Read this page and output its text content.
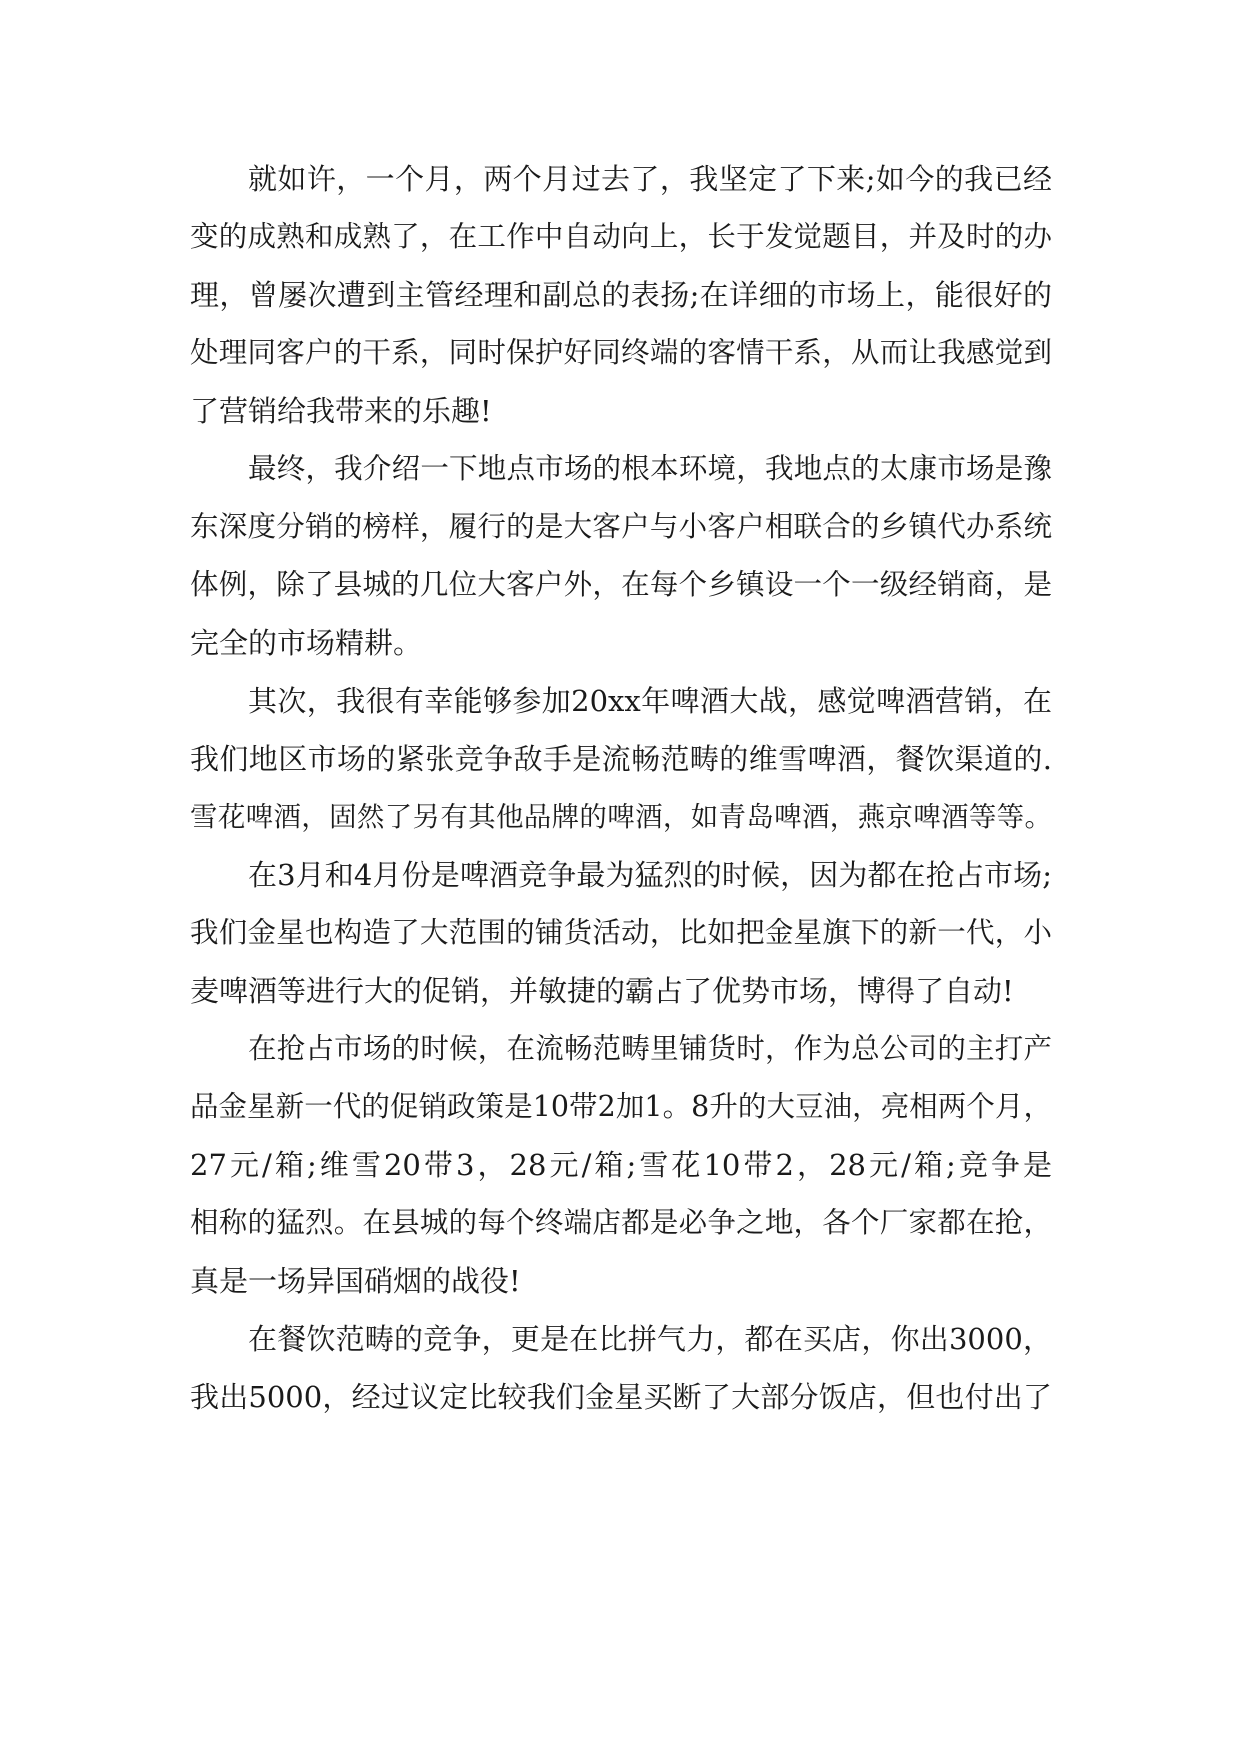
就如许，一个月，两个月过去了，我坚定了下来;如今的我已经
变的成熟和成熟了，在工作中自动向上，长于发觉题目，并及时的办
理，曾屡次遭到主管经理和副总的表扬;在详细的市场上，能很好的
处理同客户的干系，同时保护好同终端的客情干系，从而让我感觉到
了营销给我带来的乐趣!
最终，我介绍一下地点市场的根本环境，我地点的太康市场是豫
东深度分销的榜样，履行的是大客户与小客户相联合的乡镇代办系统
体例，除了县城的几位大客户外，在每个乡镇设一个一级经销商，是
完全的市场精耕。
其次，我很有幸能够参加20xx年啤酒大战，感觉啤酒营销，在
我们地区市场的紧张竞争敌手是流畅范畴的维雪啤酒，餐饮渠道的.
雪花啤酒，固然了另有其他品牌的啤酒，如青岛啤酒，燕京啤酒等等。
在3月和4月份是啤酒竞争最为猛烈的时候，因为都在抢占市场;
我们金星也构造了大范围的铺货活动，比如把金星旗下的新一代，小
麦啤酒等进行大的促销，并敏捷的霸占了优势市场，博得了自动!
在抢占市场的时候，在流畅范畴里铺货时，作为总公司的主打产
品金星新一代的促销政策是10带2加1。8升的大豆油，亮相两个月，
27元/箱;维雪20带3，28元/箱;雪花10带2，28元/箱;竞争是
相称的猛烈。在县城的每个终端店都是必争之地，各个厂家都在抢，
真是一场异国硝烟的战役!
在餐饮范畴的竞争，更是在比拼气力，都在买店，你出3000，
我出5000，经过议定比较我们金星买断了大部分饭店，但也付出了
